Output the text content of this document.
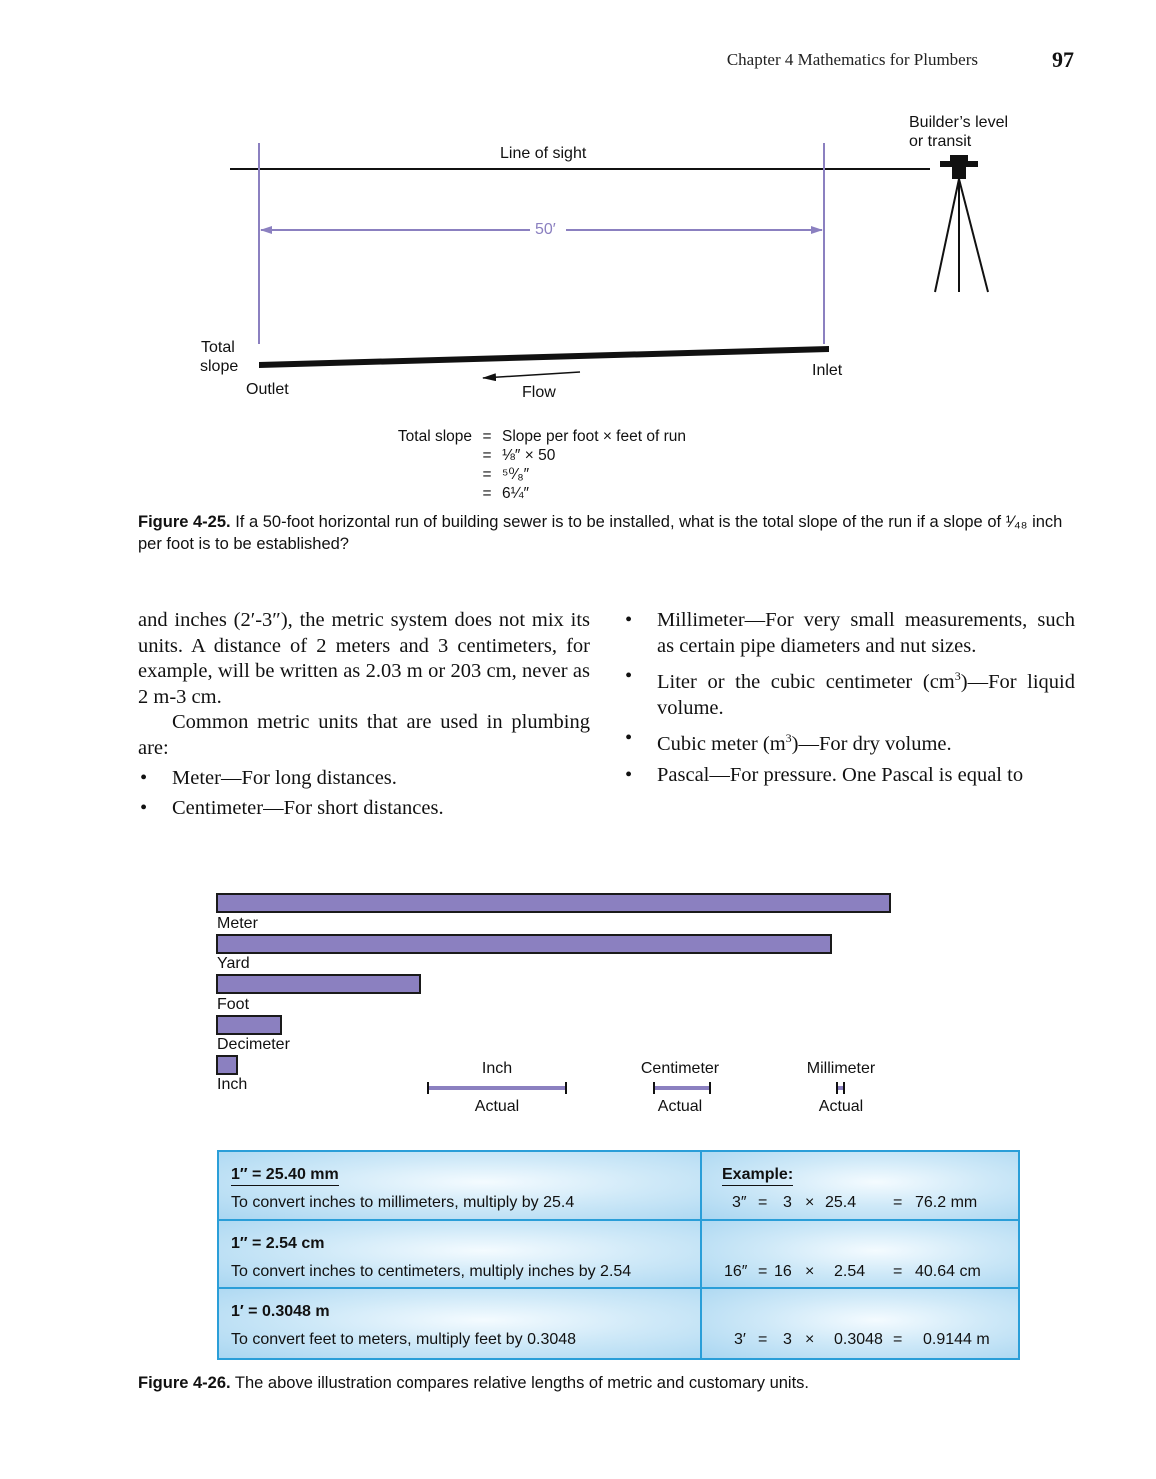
Chapter 4 Mathematics for Plumbers	97
Builder’s level
or transit
Line of sight
50′
Total
slope
Outlet
Inlet
Flow
Total slope = Slope per foot × feet of run
= ⅛″ × 50
= ⁵⁰⁄₈″
= 6¼″
Figure 4-25. If a 50-foot horizontal run of building sewer is to be installed, what is the total slope of the run if a slope of ¹⁄₄₈ inch per foot is to be established?

and inches (2′-3″), the metric system does not mix its units. A distance of 2 meters and 3 centimeters, for example, will be written as 2.03 m or 203 cm, never as 2 m-3 cm.

Common metric units that are used in plumbing are:

• Meter—For long distances.
• Centimeter—For short distances.
• Millimeter—For very small measurements, such as certain pipe diameters and nut sizes.
• Liter or the cubic centimeter $(cm^3)—For$ liquid volume.
• Cubic meter $(m^3)—For$ dry volume.
• Pascal—For pressure. One Pascal is equal to
Meter
Yard
Foot
Decimeter
Inch
Inch
Actual
Centimeter
Actual
Millimeter
Actual
1″ = 25.40 mm
To convert inches to millimeters, multiply by 25.4
Example:
3″ = 3 × 25.4 = 76.2 mm
1″ = 2.54 cm
To convert inches to centimeters, multiply inches by 2.54	16″ = 16 × 2.54 = 40.64 cm
1′ = 0.3048 m
To convert feet to meters, multiply feet by 0.3048	3′ = 3 × 0.3048 = 0.9144 m
Figure 4-26. The above illustration compares relative lengths of metric and customary units.
